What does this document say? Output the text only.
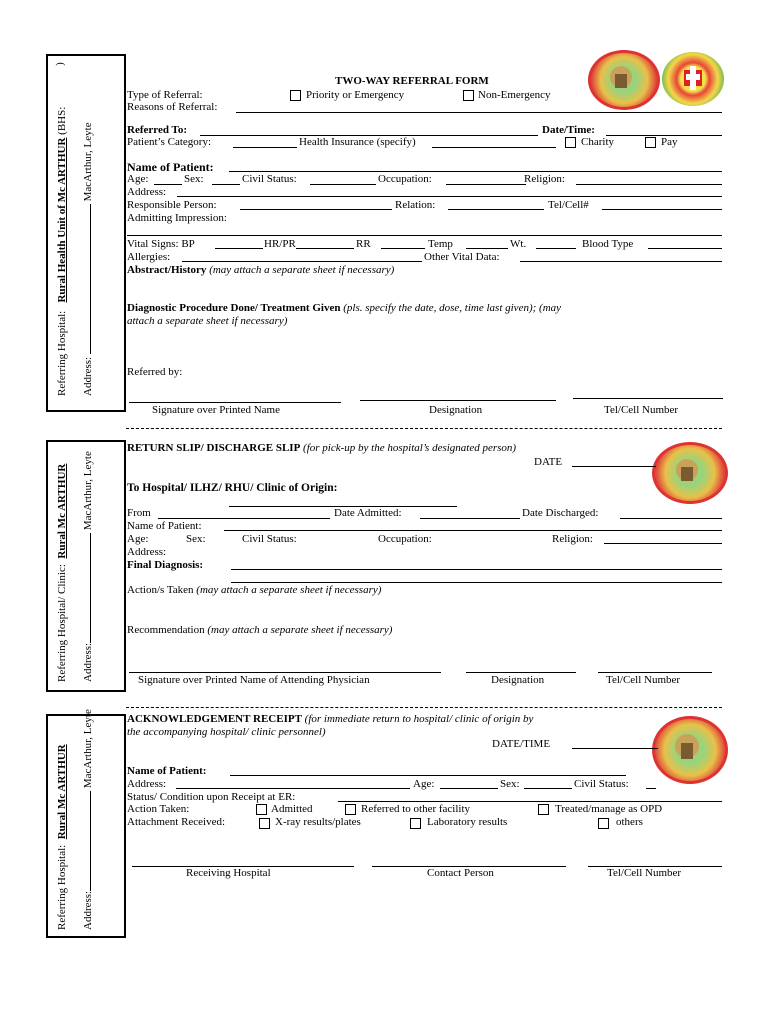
Referring Hospital:   Rural Health Unit of Mc ARTHUR (BHS:
)
Address:  MacArthur, Leyte
Referring Hospital/ Clinic:  Rural Mc ARTHUR
Address: MacArthur, Leyte
Referring Hospital:  Rural Mc ARTHUR
Address: MacArthur, Leyte
TWO-WAY REFERRAL FORM
Type of Referral:	Priority or Emergency	Non-Emergency
Reasons of Referral:
Referred To:	Date/Time:
Patient’s Category:	Health Insurance (specify)	Charity	Pay
Name of Patient:
Age:	Sex:	Civil Status:	Occupation:	Religion:
Address:
Responsible Person:	Relation:	Tel/Cell#
Admitting Impression:
Vital Signs: BP	HR/PR	RR	Temp	Wt.	Blood Type
Allergies:	Other Vital Data:
Abstract/History (may attach a separate sheet if necessary)
Diagnostic Procedure Done/ Treatment Given (pls. specify the date, dose, time last given); (may
attach a separate sheet if necessary)
Referred by:
Signature over Printed Name	Designation	Tel/Cell Number
RETURN SLIP/ DISCHARGE SLIP (for pick-up by the hospital’s designated person)
DATE
To Hospital/ ILHZ/ RHU/ Clinic of Origin:
From	Date Admitted:	Date Discharged:
Name of Patient:
Age:	Sex:	Civil Status:	Occupation:	Religion:
Address:
Final Diagnosis:
Action/s Taken (may attach a separate sheet if necessary)
Recommendation (may attach a separate sheet if necessary)
Signature over Printed Name of Attending Physician	Designation	Tel/Cell Number
ACKNOWLEDGEMENT RECEIPT (for immediate return to hospital/ clinic of origin by
the accompanying hospital/ clinic personnel)
DATE/TIME
Name of Patient:
Address:	Age:	Sex:	Civil Status:
Status/ Condition upon Receipt at ER:
Action Taken:	Admitted	Referred to other facility	Treated/manage as OPD
Attachment Received:	X-ray results/plates	Laboratory results	others
Receiving Hospital	Contact Person	Tel/Cell Number
